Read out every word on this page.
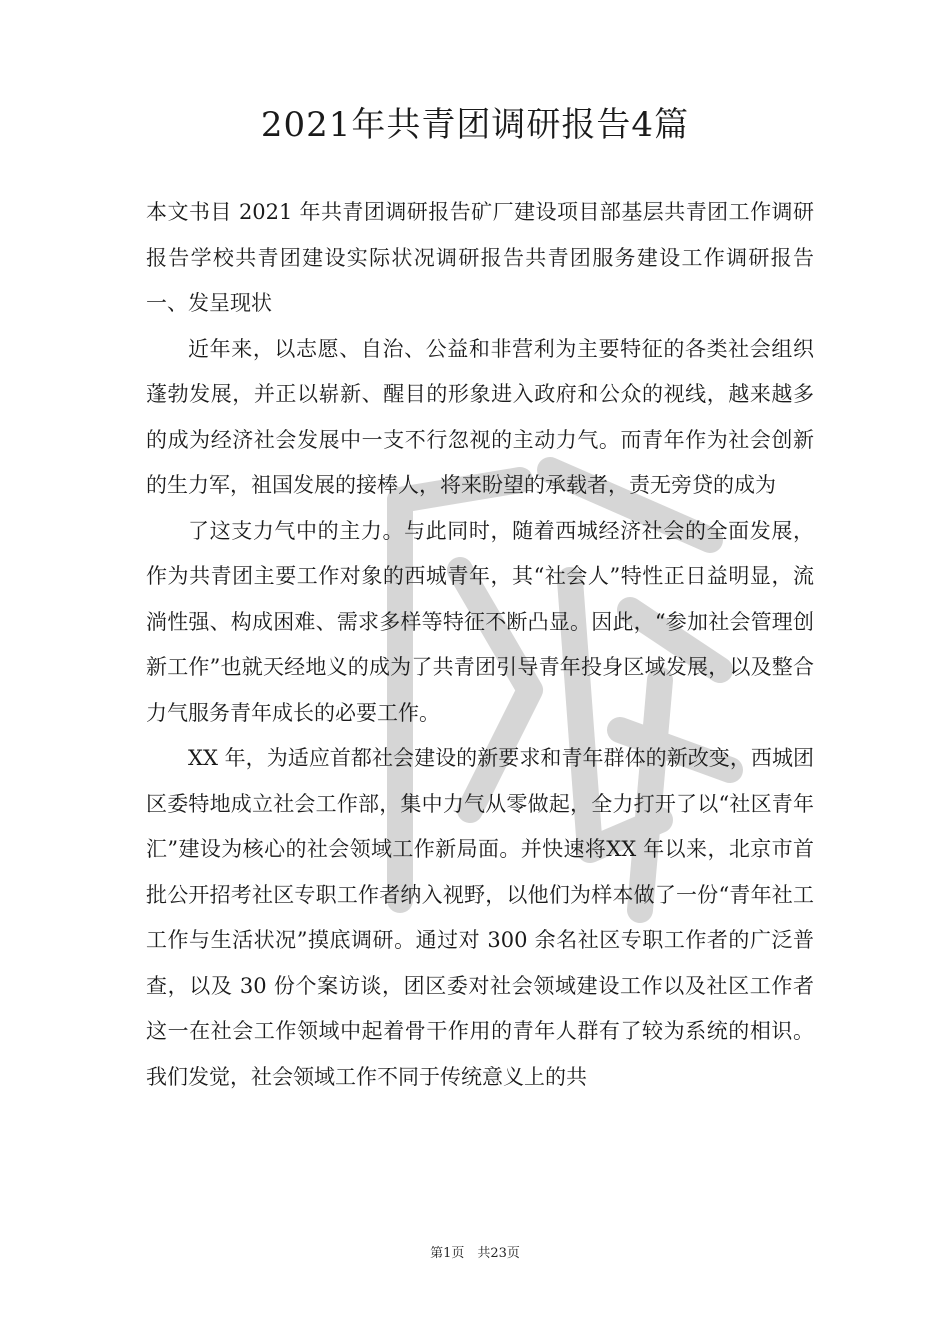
2021年共青团调研报告4篇

本文书目 2021 年共青团调研报告矿厂建设项目部基层共青团工作调研报告学校共青团建设实际状况调研报告共青团服务建设工作调研报告　　一、发呈现状

近年来，以志愿、自治、公益和非营利为主要特征的各类社会组织蓬勃发展，并正以崭新、醒目的形象进入政府和公众的视线，越来越多的成为经济社会发展中一支不行忽视的主动力气。而青年作为社会创新的生力军，祖国发展的接棒人，将来盼望的承载者，责无旁贷的成为

了这支力气中的主力。与此同时，随着西城经济社会的全面发展，作为共青团主要工作对象的西城青年，其“社会人”特性正日益明显，流淌性强、构成困难、需求多样等特征不断凸显。因此，“参加社会管理创新工作”也就天经地义的成为了共青团引导青年投身区域发展，以及整合力气服务青年成长的必要工作。

XX 年，为适应首都社会建设的新要求和青年群体的新改变，西城团区委特地成立社会工作部，集中力气从零做起，全力打开了以“社区青年汇”建设为核心的社会领域工作新局面。并快速将XX 年以来，北京市首批公开招考社区专职工作者纳入视野，以他们为样本做了一份“青年社工工作与生活状况”摸底调研。通过对 300 余名社区专职工作者的广泛普查，以及 30 份个案访谈，团区委对社会领域建设工作以及社区工作者这一在社会工作领域中起着骨干作用的青年人群有了较为系统的相识。我们发觉，社会领域工作不同于传统意义上的共

第1页　共23页
